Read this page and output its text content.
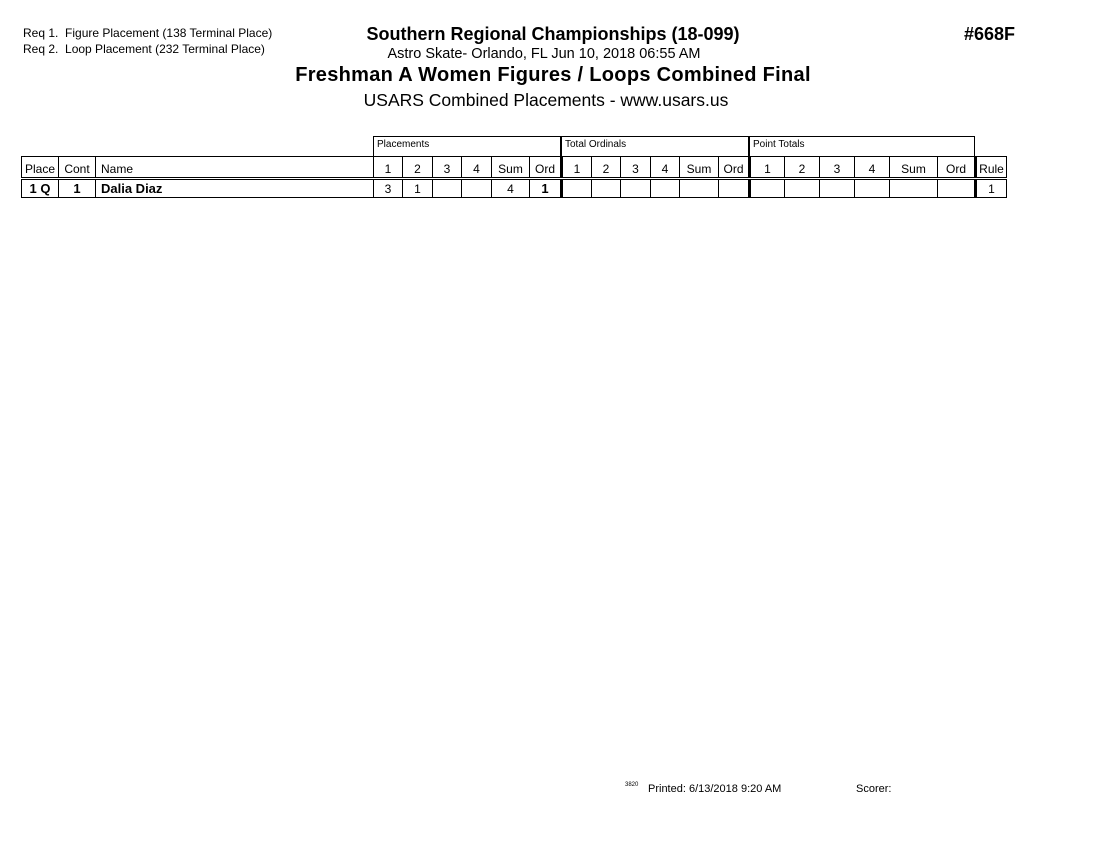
Req 1. Figure Placement (138 Terminal Place)
Req 2. Loop Placement (232 Terminal Place)
Southern Regional Championships (18-099)
Astro Skate- Orlando, FL Jun 10, 2018 06:55 AM
Freshman A Women Figures / Loops Combined Final
USARS Combined Placements - www.usars.us
#668F
Placements	Total Ordinals	Point Totals
Place	Cont	Name	1	2	3	4	Sum	Ord	1	2	3	4	Sum	Ord	1	2	3	4	Sum	Ord	Rule
1 Q	1	Dalia Diaz	3	1			4	1													1
3820 Printed: 6/13/2018 9:20 AM	Scorer:
